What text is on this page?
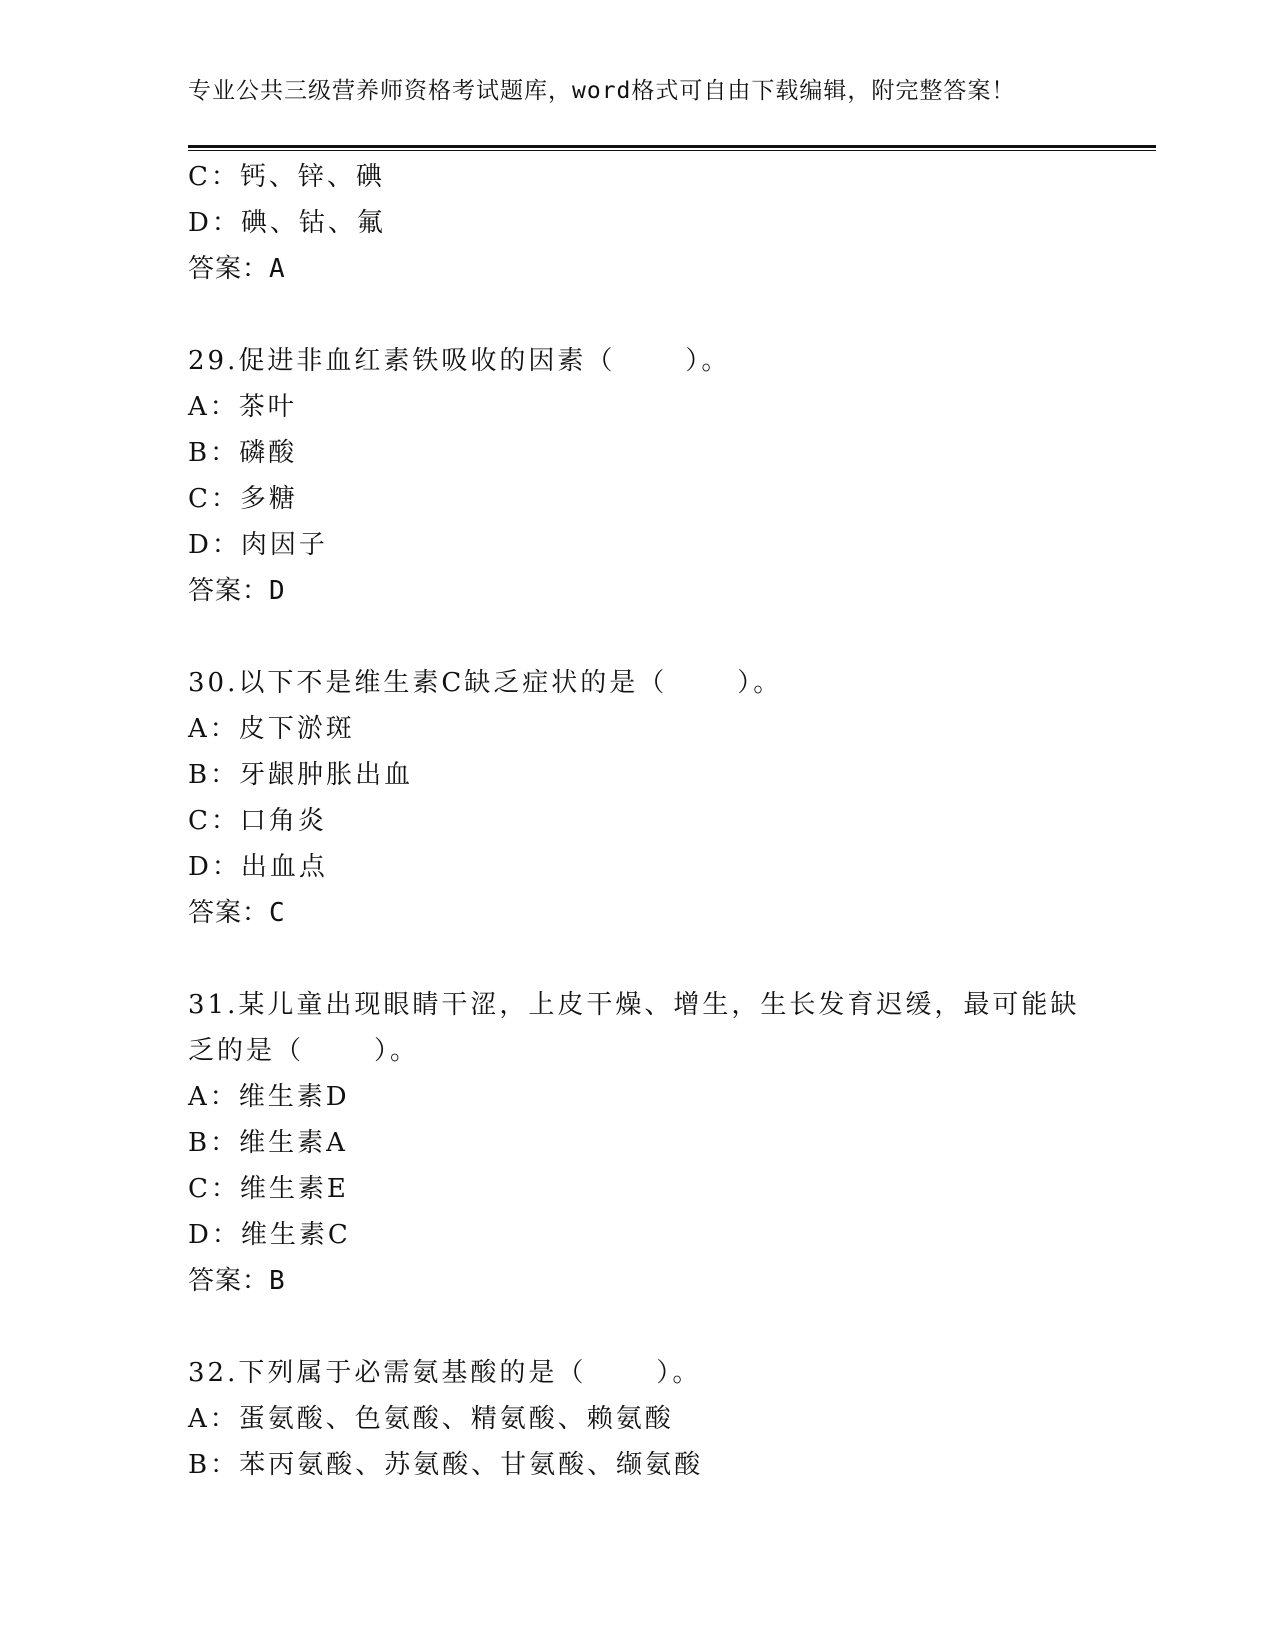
专业公共三级营养师资格考试题库，word格式可自由下载编辑，附完整答案！
C：钙、锌、碘
D：碘、钴、氟
答案：A
29.促进非血红素铁吸收的因素（	）。
A：茶叶
B：磷酸
C：多糖
D：肉因子
答案：D
30.以下不是维生素C缺乏症状的是（	）。
A：皮下淤斑
B：牙龈肿胀出血
C：口角炎
D：出血点
答案：C
31.某儿童出现眼睛干涩，上皮干燥、增生，生长发育迟缓，最可能缺
乏的是（	）。
A：维生素D
B：维生素A
C：维生素E
D：维生素C
答案：B
32.下列属于必需氨基酸的是（	）。
A：蛋氨酸、色氨酸、精氨酸、赖氨酸
B：苯丙氨酸、苏氨酸、甘氨酸、缬氨酸
